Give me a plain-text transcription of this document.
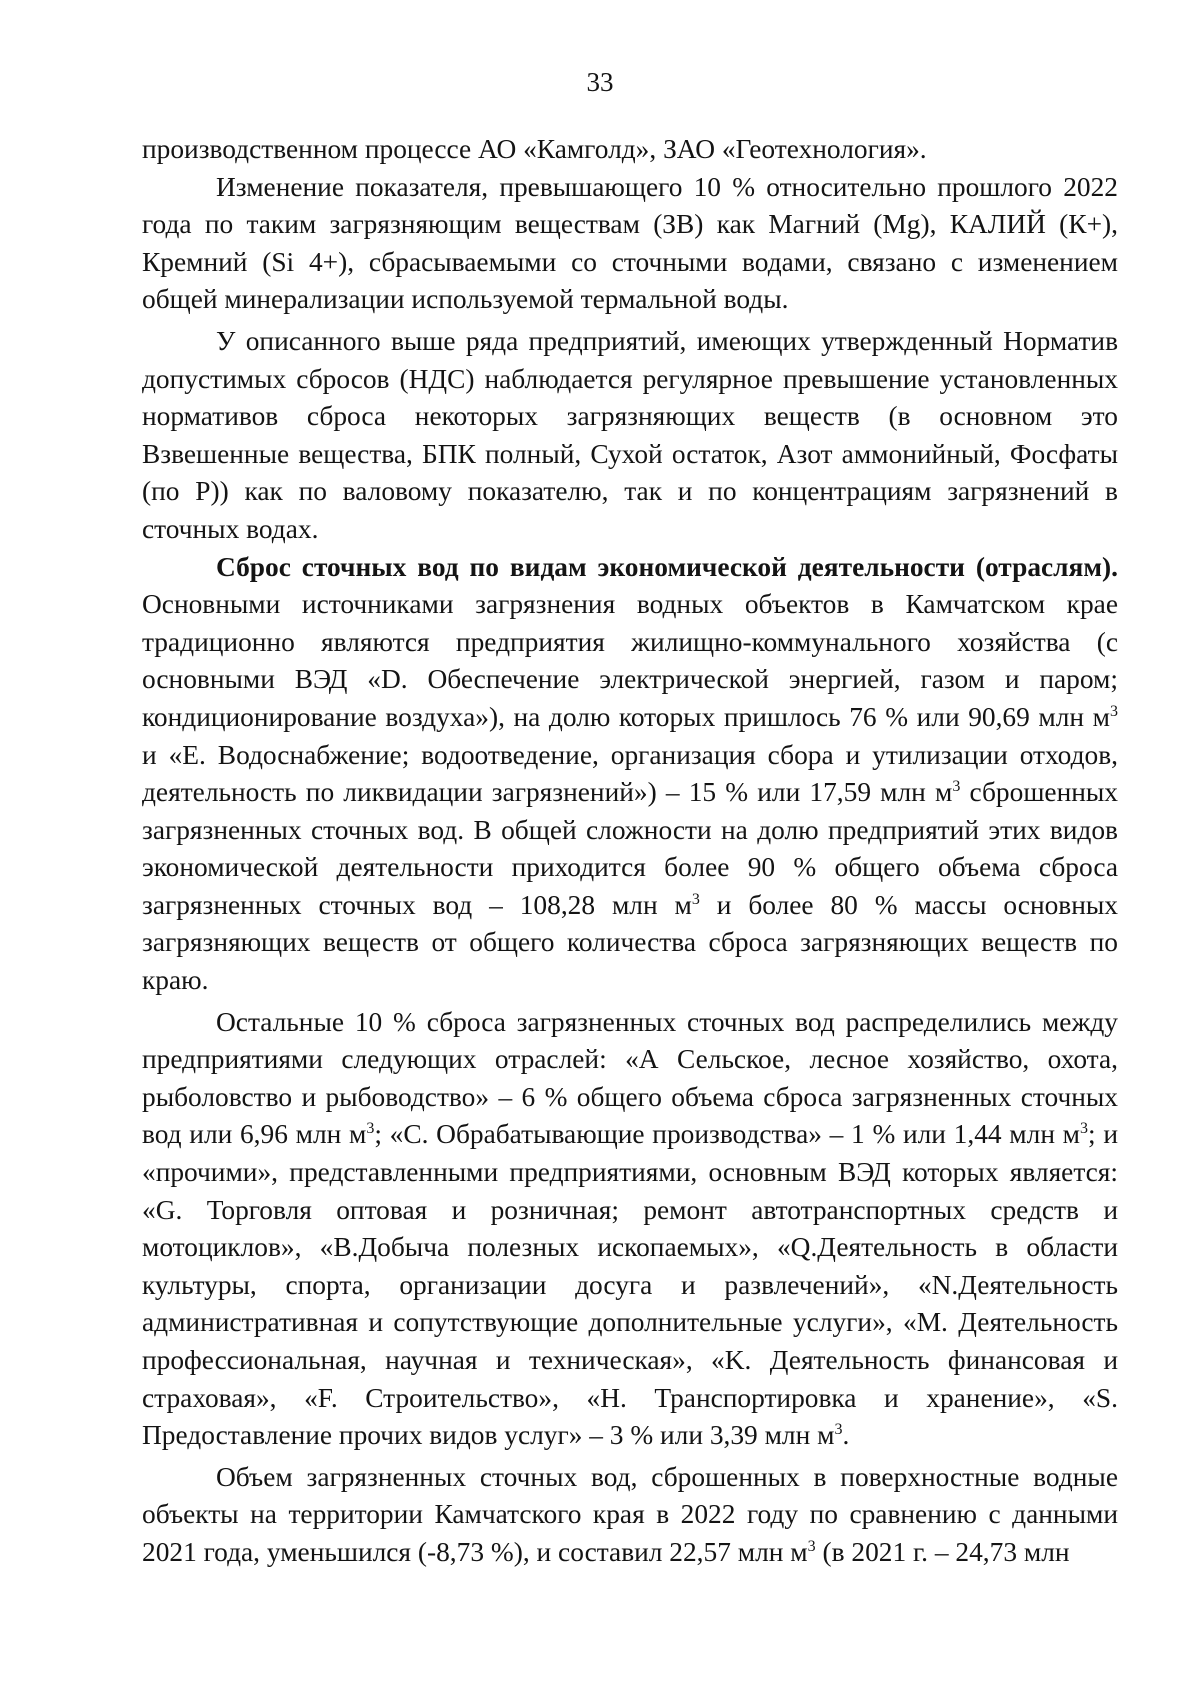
33

производственном процессе АО «Камголд», ЗАО «Геотехнология».

Изменение показателя, превышающего 10 % относительно прошлого 2022 года по таким загрязняющим веществам (ЗВ) как Магний (Mg), КАЛИЙ (К+), Кремний (Si 4+), сбрасываемыми со сточными водами, связано с изменением общей минерализации используемой термальной воды.

У описанного выше ряда предприятий, имеющих утвержденный Норматив допустимых сбросов (НДС) наблюдается регулярное превышение установленных нормативов сброса некоторых загрязняющих веществ (в основном это Взвешенные вещества, БПК полный, Сухой остаток, Азот аммонийный, Фосфаты (по Р)) как по валовому показателю, так и по концентрациям загрязнений в сточных водах.

Сброс сточных вод по видам экономической деятельности (отраслям). Основными источниками загрязнения водных объектов в Камчатском крае традиционно являются предприятия жилищно-коммунального хозяйства (с основными ВЭД «D. Обеспечение электрической энергией, газом и паром; кондиционирование воздуха»), на долю которых пришлось 76 % или 90,69 млн $м^3$ и «Е. Водоснабжение; водоотведение, организация сбора и утилизации отходов, деятельность по ликвидации загрязнений») – 15 % или 17,59 млн $м^3$ сброшенных загрязненных сточных вод. В общей сложности на долю предприятий этих видов экономической деятельности приходится более 90 % общего объема сброса загрязненных сточных вод – 108,28 млн $м^3$ и более 80 % массы основных загрязняющих веществ от общего количества сброса загрязняющих веществ по краю.

Остальные 10 % сброса загрязненных сточных вод распределились между предприятиями следующих отраслей: «А Сельское, лесное хозяйство, охота, рыболовство и рыбоводство» – 6 % общего объема сброса загрязненных сточных вод или 6,96 млн $м^3$; «С. Обрабатывающие производства» – 1 % или 1,44 млн $м^3$; и «прочими», представленными предприятиями, основным ВЭД которых является: «G. Торговля оптовая и розничная; ремонт автотранспортных средств и мотоциклов», «B.Добыча полезных ископаемых», «Q.Деятельность в области культуры, спорта, организации досуга и развлечений», «N.Деятельность административная и сопутствующие дополнительные услуги», «M. Деятельность профессиональная, научная и техническая», «K. Деятельность финансовая и страховая», «F. Строительство», «H. Транспортировка и хранение», «S. Предоставление прочих видов услуг» – 3 % или 3,39 млн $м^3$.

Объем загрязненных сточных вод, сброшенных в поверхностные водные объекты на территории Камчатского края в 2022 году по сравнению с данными 2021 года, уменьшился (-8,73 %), и составил 22,57 млн $м^3$ (в 2021 г. – 24,73 млн
